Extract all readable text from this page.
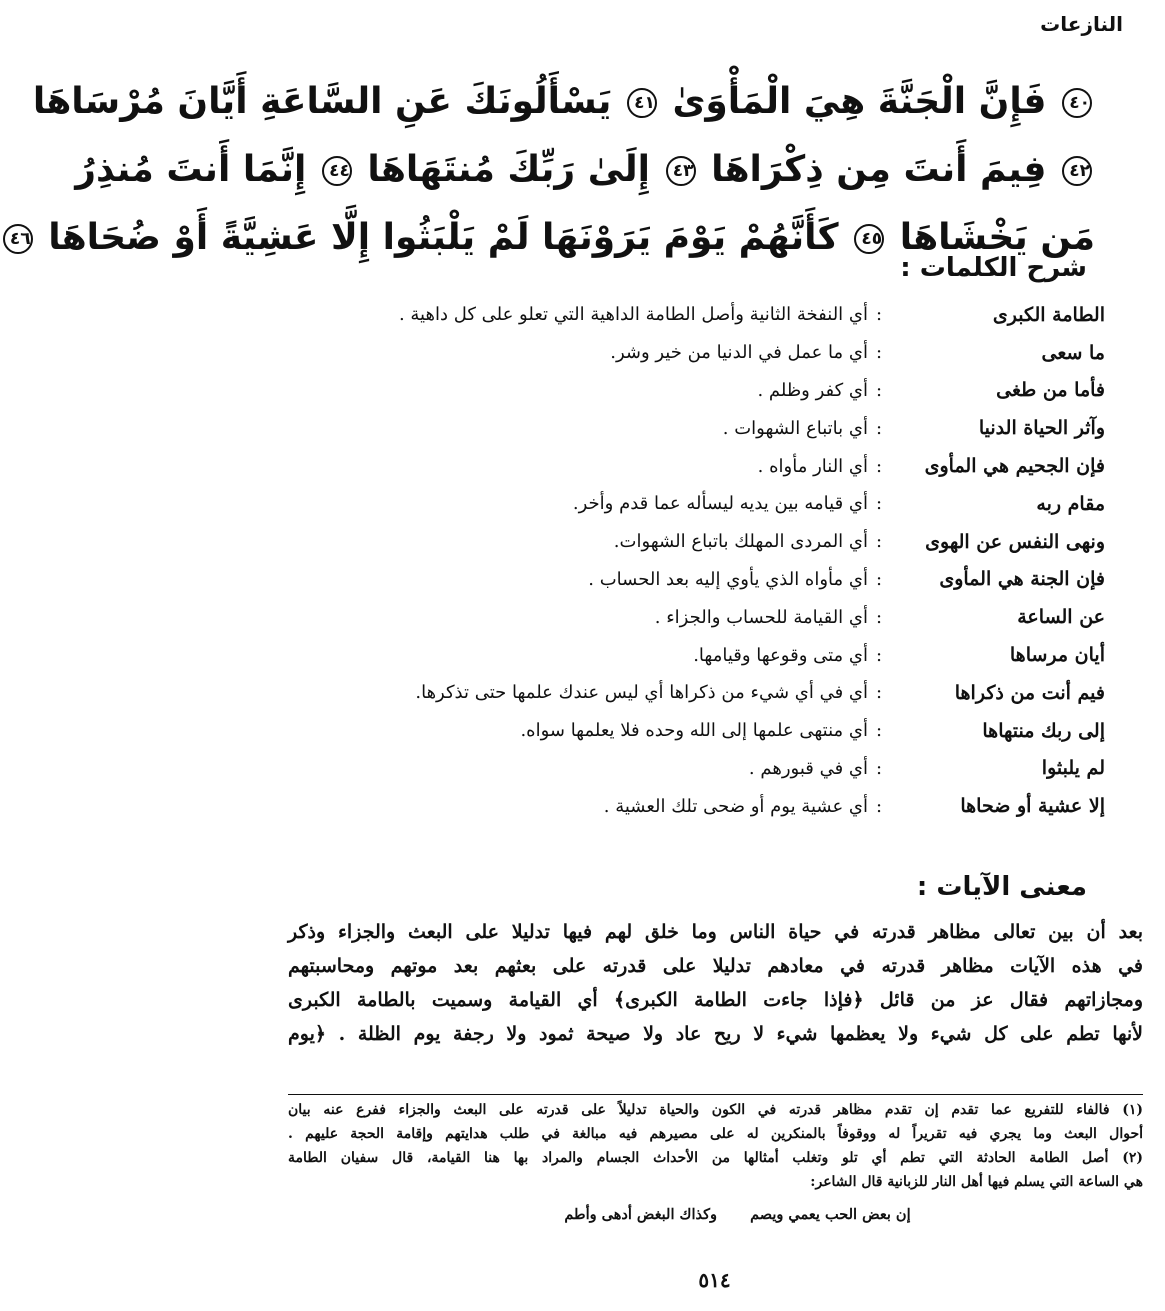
النازعات
٤٠ فَإِنَّ الْجَنَّةَ هِيَ الْمَأْوَىٰ ٤١ يَسْأَلُونَكَ عَنِ السَّاعَةِ أَيَّانَ مُرْسَاهَا
٤٢ فِيمَ أَنتَ مِن ذِكْرَاهَا ٤٣ إِلَىٰ رَبِّكَ مُنتَهَاهَا ٤٤ إِنَّمَا أَنتَ مُنذِرُ
مَن يَخْشَاهَا ٤٥ كَأَنَّهُمْ يَوْمَ يَرَوْنَهَا لَمْ يَلْبَثُوا إِلَّا عَشِيَّةً أَوْ ضُحَاهَا ٤٦
شرح الكلمات :
الطامة الكبرى
:
أي النفخة الثانية وأصل الطامة الداهية التي تعلو على كل داهية .
ما سعى
:
أي ما عمل في الدنيا من خير وشر.
فأما من طغى
:
أي كفر وظلم .
وآثر الحياة الدنيا
:
أي باتباع الشهوات .
فإن الجحيم هي المأوى
:
أي النار مأواه .
مقام ربه
:
أي قيامه بين يديه ليسأله عما قدم وأخر.
ونهى النفس عن الهوى
:
أي المردى المهلك باتباع الشهوات.
فإن الجنة هي المأوى
:
أي مأواه الذي يأوي إليه بعد الحساب .
عن الساعة
:
أي القيامة للحساب والجزاء .
أيان مرساها
:
أي متى وقوعها وقيامها.
فيم أنت من ذكراها
:
أي في أي شيء من ذكراها أي ليس عندك علمها حتى تذكرها.
إلى ربك منتهاها
:
أي منتهى علمها إلى الله وحده فلا يعلمها سواه.
لم يلبثوا
:
أي في قبورهم .
إلا عشية أو ضحاها
:
أي عشية يوم أو ضحى تلك العشية .
معنى الآيات :

بعد أن بين تعالى مظاهر قدرته في حياة الناس وما خلق لهم فيها تدليلا على البعث والجزاء وذكر

في هذه الآيات مظاهر قدرته في معادهم تدليلا على قدرته على بعثهم بعد موتهم ومحاسبتهم

ومجازاتهم فقال عز من قائل ﴿فإذا جاءت الطامة الكبرى﴾ أي القيامة وسميت بالطامة الكبرى

لأنها تطم على كل شيء ولا يعظمها شيء لا ريح عاد ولا صيحة ثمود ولا رجفة يوم الظلة . ﴿يوم

(١) فالفاء للتفريع عما تقدم إن تقدم مظاهر قدرته في الكون والحياة تدليلاً على قدرته على البعث والجزاء ففرع عنه بيان

أحوال البعث وما يجري فيه تقريراً له ووقوفاً بالمنكرين له على مصيرهم فيه مبالغة في طلب هدايتهم وإقامة الحجة عليهم .

(٢) أصل الطامة الحادثة التي تطم أي تلو وتغلب أمثالها من الأحداث الجسام والمراد بها هنا القيامة، قال سفيان الطامة

هي الساعة التي يسلم فيها أهل النار للزبانية قال الشاعر:

إن بعض الحب يعمي ويصم وكذاك البغض أدهى وأطم
٥١٤
